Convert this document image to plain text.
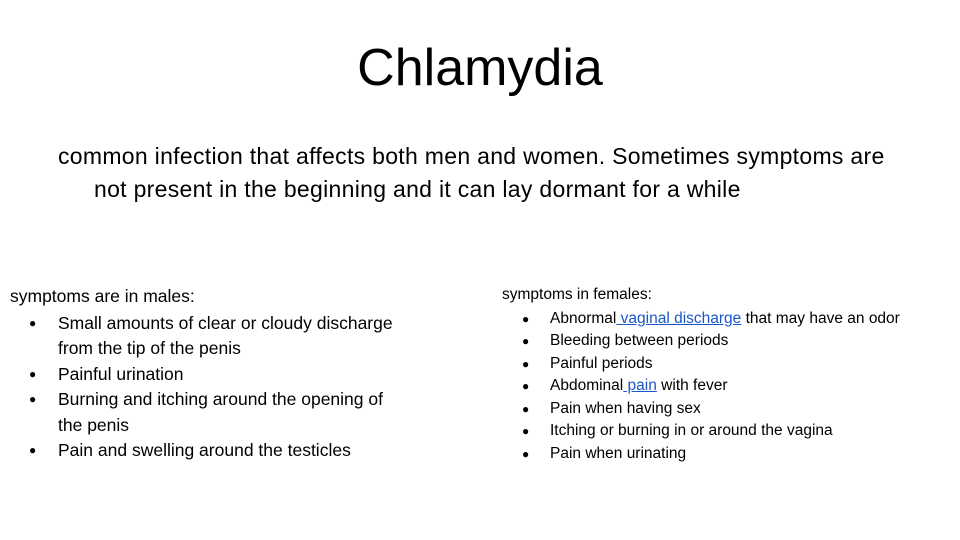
Chlamydia
common infection that affects both men and women. Sometimes symptoms are not present in the beginning and it can lay dormant for a while
symptoms are in males:
● Small amounts of clear or cloudy discharge from the tip of the penis
● Painful urination
● Burning and itching around the opening of the penis
● Pain and swelling around the testicles
symptoms in females:
● Abnormal vaginal discharge that may have an odor
● Bleeding between periods
● Painful periods
● Abdominal pain with fever
● Pain when having sex
● Itching or burning in or around the vagina
● Pain when urinating
